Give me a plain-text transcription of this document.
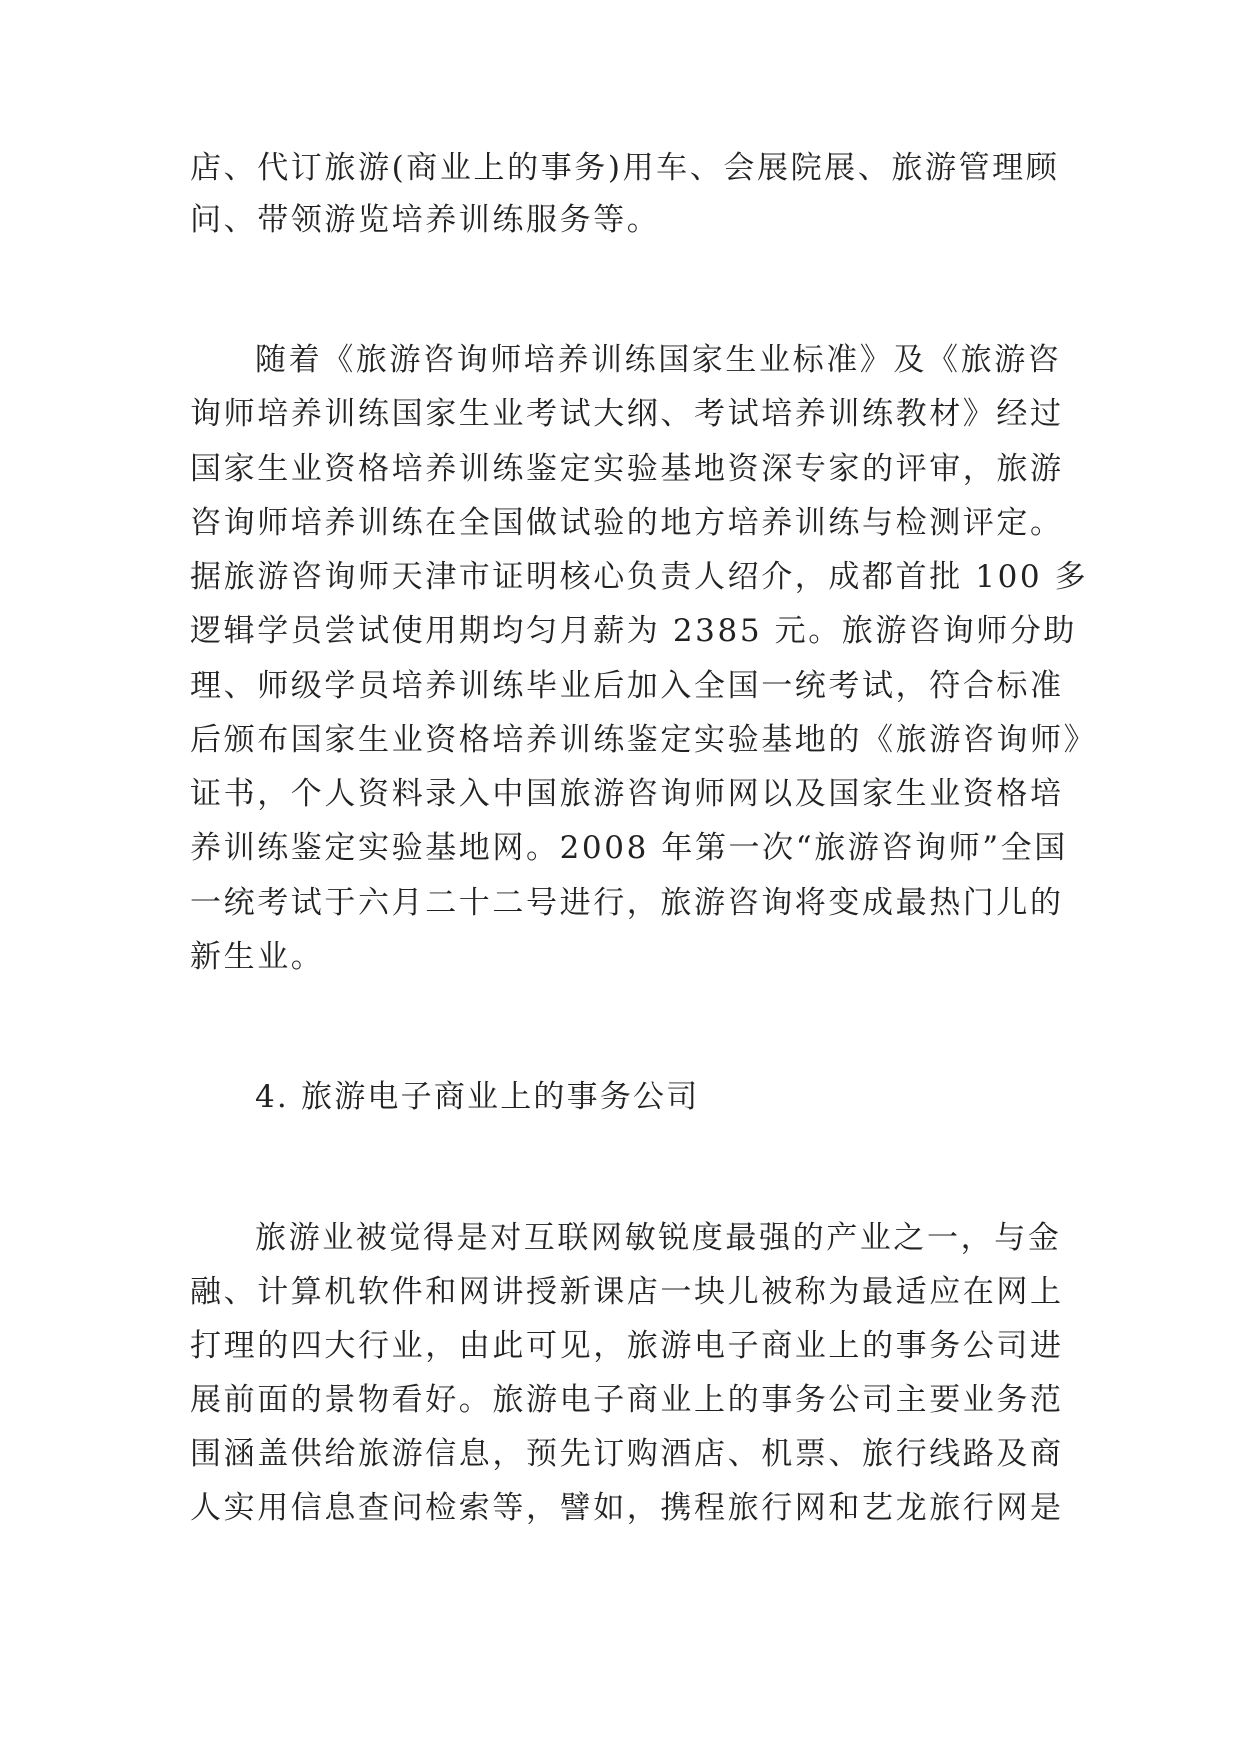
店、代订旅游(商业上的事务)用车、会展院展、旅游管理顾
问、带领游览培养训练服务等。
随着《旅游咨询师培养训练国家生业标准》及《旅游咨
询师培养训练国家生业考试大纲、考试培养训练教材》经过
国家生业资格培养训练鉴定实验基地资深专家的评审，旅游
咨询师培养训练在全国做试验的地方培养训练与检测评定。
据旅游咨询师天津市证明核心负责人绍介，成都首批 100 多
逻辑学员尝试使用期均匀月薪为 2385 元。旅游咨询师分助
理、师级学员培养训练毕业后加入全国一统考试，符合标准
后颁布国家生业资格培养训练鉴定实验基地的《旅游咨询师》
证书，个人资料录入中国旅游咨询师网以及国家生业资格培
养训练鉴定实验基地网。2008 年第一次“旅游咨询师”全国
一统考试于六月二十二号进行，旅游咨询将变成最热门儿的
新生业。
4. 旅游电子商业上的事务公司
旅游业被觉得是对互联网敏锐度最强的产业之一，与金
融、计算机软件和网讲授新课店一块儿被称为最适应在网上
打理的四大行业，由此可见，旅游电子商业上的事务公司进
展前面的景物看好。旅游电子商业上的事务公司主要业务范
围涵盖供给旅游信息，预先订购酒店、机票、旅行线路及商
人实用信息查问检索等，譬如，携程旅行网和艺龙旅行网是
